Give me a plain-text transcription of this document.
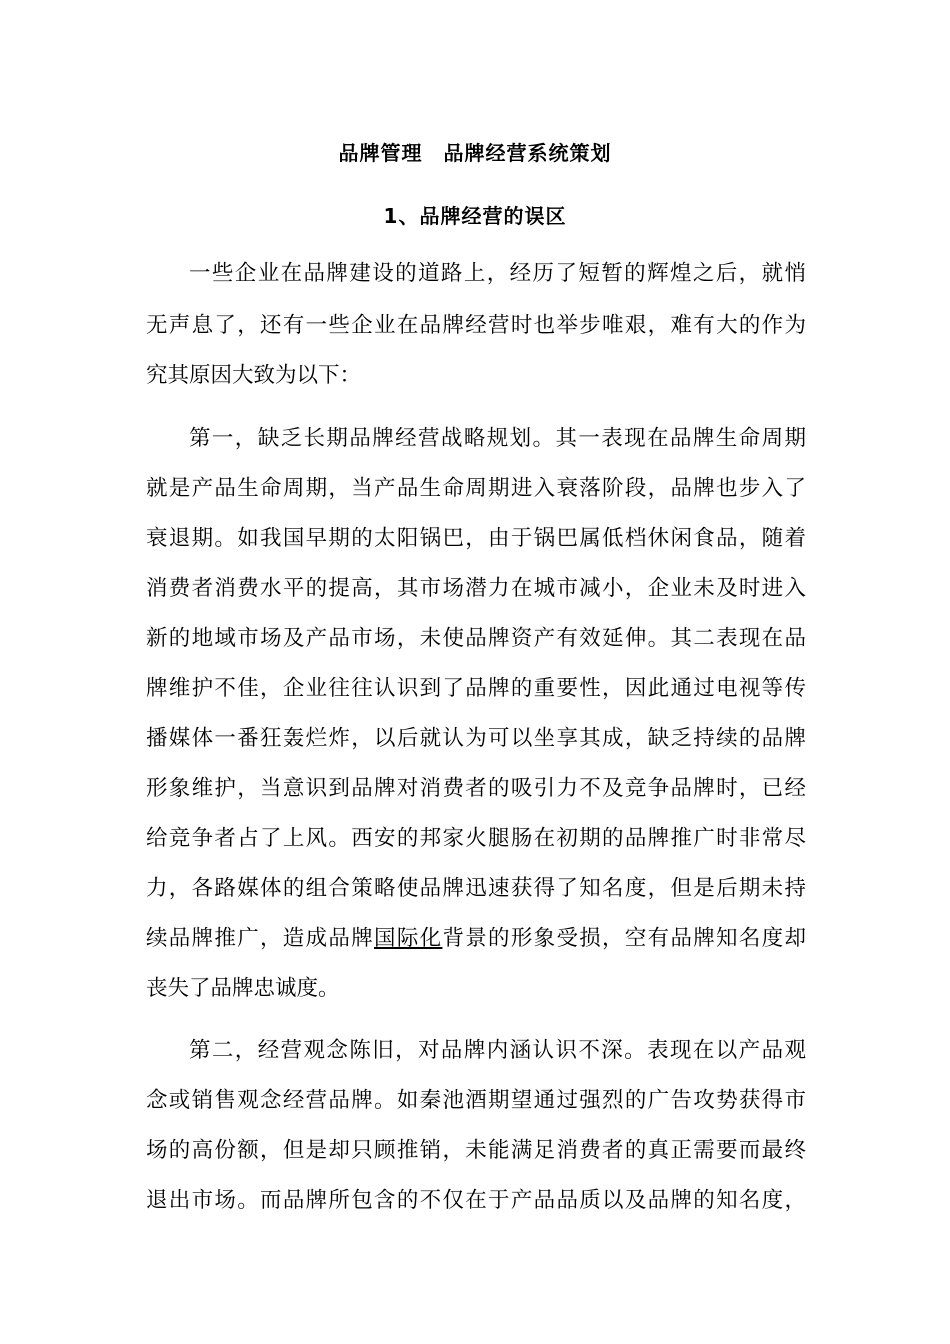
品牌管理　品牌经营系统策划
1、品牌经营的误区
一些企业在品牌建设的道路上，经历了短暂的辉煌之后，就悄
无声息了，还有一些企业在品牌经营时也举步唯艰，难有大的作为
究其原因大致为以下：
第一，缺乏长期品牌经营战略规划。其一表现在品牌生命周期
就是产品生命周期，当产品生命周期进入衰落阶段，品牌也步入了
衰退期。如我国早期的太阳锅巴，由于锅巴属低档休闲食品，随着
消费者消费水平的提高，其市场潜力在城市减小，企业未及时进入
新的地域市场及产品市场，未使品牌资产有效延伸。其二表现在品
牌维护不佳，企业往往认识到了品牌的重要性，因此通过电视等传
播媒体一番狂轰烂炸，以后就认为可以坐享其成，缺乏持续的品牌
形象维护，当意识到品牌对消费者的吸引力不及竞争品牌时，已经
给竞争者占了上风。西安的邦家火腿肠在初期的品牌推广时非常尽
力，各路媒体的组合策略使品牌迅速获得了知名度，但是后期未持
续品牌推广，造成品牌国际化背景的形象受损，空有品牌知名度却
丧失了品牌忠诚度。
第二，经营观念陈旧，对品牌内涵认识不深。表现在以产品观
念或销售观念经营品牌。如秦池酒期望通过强烈的广告攻势获得市
场的高份额，但是却只顾推销，未能满足消费者的真正需要而最终
退出市场。而品牌所包含的不仅在于产品品质以及品牌的知名度，
